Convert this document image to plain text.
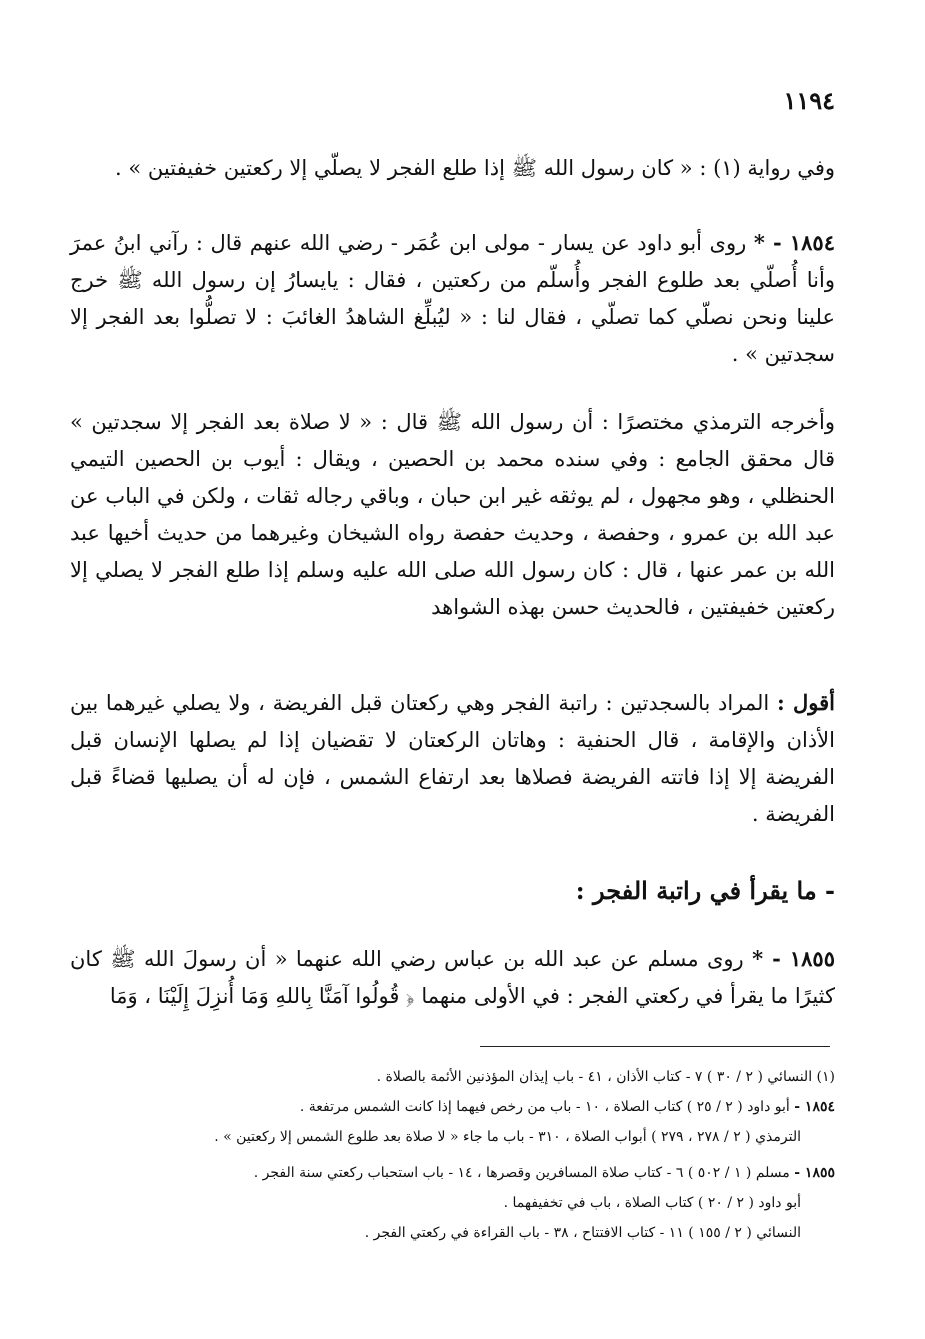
١١٩٤
وفي رواية (١) : « كان رسول الله ﷺ إذا طلع الفجر لا يصلّي إلا ركعتين خفيفتين » .
١٨٥٤ - * روى أبو داود عن يسار - مولى ابن عُمَر - رضي الله عنهم قال : رآني ابنُ عمرَ وأنا أُصلّي بعد طلوع الفجر وأُسلّم من ركعتين ، فقال : يايسارُ إن رسول الله ﷺ خرج علينا ونحن نصلّي كما تصلّي ، فقال لنا : « ليُبلِّغ الشاهدُ الغائبَ : لا تصلُّوا بعد الفجر إلا سجدتين » .
وأخرجه الترمذي مختصرًا : أن رسول الله ﷺ قال : « لا صلاة بعد الفجر إلا سجدتين » قال محقق الجامع : وفي سنده محمد بن الحصين ، ويقال : أيوب بن الحصين التيمي الحنظلي ، وهو مجهول ، لم يوثقه غير ابن حبان ، وباقي رجاله ثقات ، ولكن في الباب عن عبد الله بن عمرو ، وحفصة ، وحديث حفصة رواه الشيخان وغيرهما من حديث أخيها عبد الله بن عمر عنها ، قال : كان رسول الله صلى الله عليه وسلم إذا طلع الفجر لا يصلي إلا ركعتين خفيفتين ، فالحديث حسن بهذه الشواهد
أقول : المراد بالسجدتين : راتبة الفجر وهي ركعتان قبل الفريضة ، ولا يصلي غيرهما بين الأذان والإقامة ، قال الحنفية : وهاتان الركعتان لا تقضيان إذا لم يصلها الإنسان قبل الفريضة إلا إذا فاتته الفريضة فصلاها بعد ارتفاع الشمس ، فإن له أن يصليها قضاءً قبل الفريضة .
- ما يقرأ في راتبة الفجر :
١٨٥٥ - * روى مسلم عن عبد الله بن عباس رضي الله عنهما « أن رسولَ الله ﷺ كان كثيرًا ما يقرأ في ركعتي الفجر : في الأولى منهما ﴿ قُولُوا آمَنَّا بِاللهِ وَمَا أُنزِلَ إِلَيْنَا ، وَمَا
(١) النسائي ( ٢ / ٣٠ ) ٧ - كتاب الأذان ، ٤١ - باب إيذان المؤذنين الأئمة بالصلاة .
١٨٥٤ - أبو داود ( ٢ / ٢٥ ) كتاب الصلاة ، ١٠ - باب من رخص فيهما إذا كانت الشمس مرتفعة .
الترمذي ( ٢ / ٢٧٨ ، ٢٧٩ ) أبواب الصلاة ، ٣١٠ - باب ما جاء « لا صلاة بعد طلوع الشمس إلا ركعتين » .
١٨٥٥ - مسلم ( ١ / ٥٠٢ ) ٦ - كتاب صلاة المسافرين وقصرها ، ١٤ - باب استحباب ركعتي سنة الفجر .
أبو داود ( ٢ / ٢٠ ) كتاب الصلاة ، باب في تخفيفهما .
النسائي ( ٢ / ١٥٥ ) ١١ - كتاب الافتتاح ، ٣٨ - باب القراءة في ركعتي الفجر .
